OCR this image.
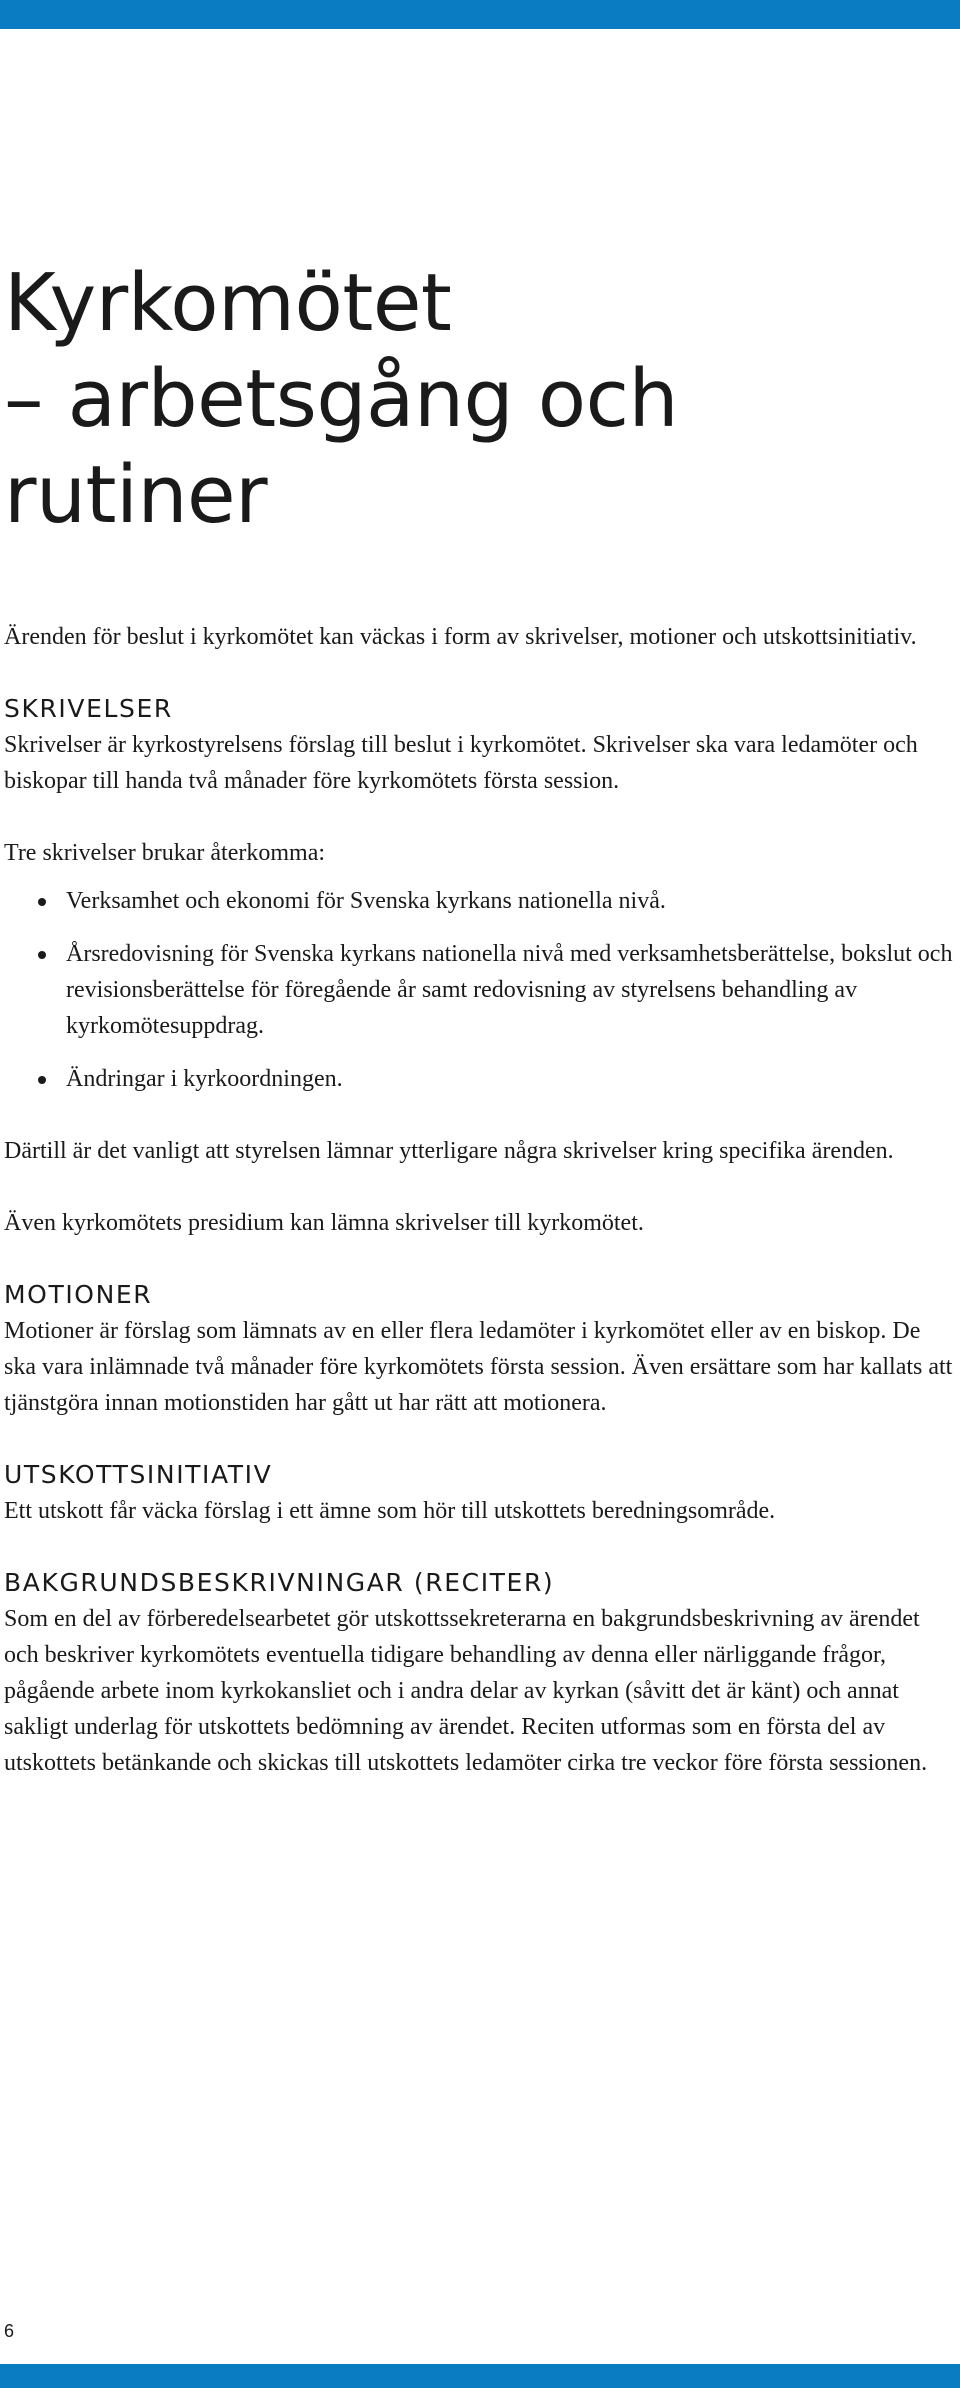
Kyrkomötet
– arbetsgång och rutiner

Ärenden för beslut i kyrkomötet kan väckas i form av skrivelser, motioner och utskottsinitiativ.

SKRIVELSER

Skrivelser är kyrkostyrelsens förslag till beslut i kyrkomötet. Skrivelser ska vara ledamöter och biskopar till handa två månader före kyrkomötets första session.

Tre skrivelser brukar återkomma:

Verksamhet och ekonomi för Svenska kyrkans nationella nivå.
Årsredovisning för Svenska kyrkans nationella nivå med verksamhetsberättelse, bokslut och revisionsberättelse för föregående år samt redovisning av styrelsens behandling av kyrkomötesuppdrag.
Ändringar i kyrkoordningen.

Därtill är det vanligt att styrelsen lämnar ytterligare några skrivelser kring specifika ärenden.

Även kyrkomötets presidium kan lämna skrivelser till kyrkomötet.

MOTIONER

Motioner är förslag som lämnats av en eller flera ledamöter i kyrkomötet eller av en biskop. De ska vara inlämnade två månader före kyrkomötets första session. Även ersättare som har kallats att tjänstgöra innan motionstiden har gått ut har rätt att motionera.

UTSKOTTSINITIATIV

Ett utskott får väcka förslag i ett ämne som hör till utskottets beredningsområde.

BAKGRUNDSBESKRIVNINGAR (RECITER)

Som en del av förberedelsearbetet gör utskottssekreterarna en bakgrundsbeskrivning av ärendet och beskriver kyrkomötets eventuella tidigare behandling av denna eller närliggande frågor, pågående arbete inom kyrkokansliet och i andra delar av kyrkan (såvitt det är känt) och annat sakligt underlag för utskottets bedömning av ärendet. Reciten utformas som en första del av utskottets betänkande och skickas till utskottets ledamöter cirka tre veckor före första sessionen.

6
